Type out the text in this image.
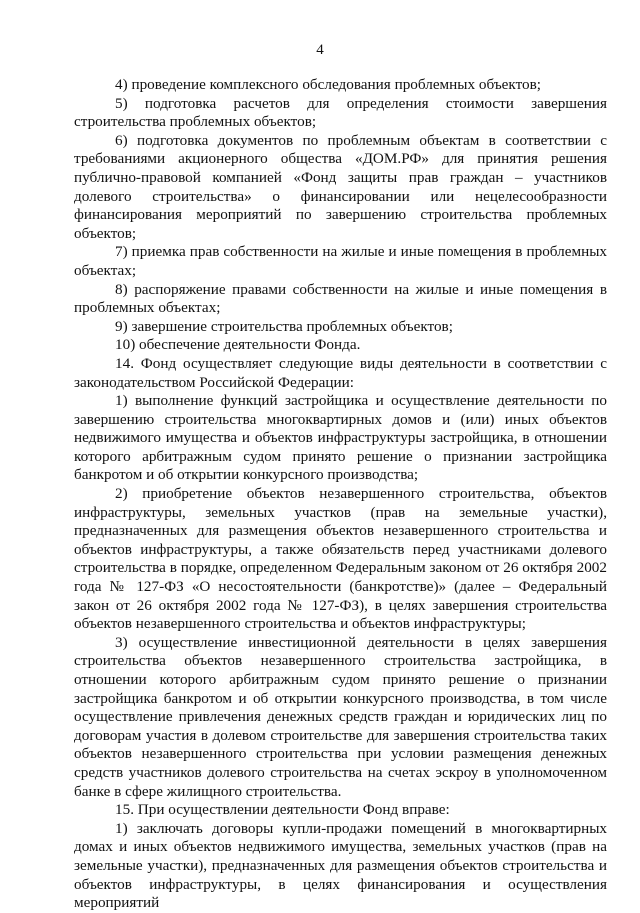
4

4) проведение комплексного обследования проблемных объектов;

5) подготовка расчетов для определения стоимости завершения строительства проблемных объектов;

6) подготовка документов по проблемным объектам в соответствии с требованиями акционерного общества «ДОМ.РФ» для принятия решения публично-правовой компанией «Фонд защиты прав граждан – участников долевого строительства» о финансировании или нецелесообразности финансирования мероприятий по завершению строительства проблемных объектов;

7) приемка прав собственности на жилые и иные помещения в проблемных объектах;

8) распоряжение правами собственности на жилые и иные помещения в проблемных объектах;

9) завершение строительства проблемных объектов;

10) обеспечение деятельности Фонда.

14. Фонд осуществляет следующие виды деятельности в соответствии с законодательством Российской Федерации:

1) выполнение функций застройщика и осуществление деятельности по завершению строительства многоквартирных домов и (или) иных объектов недвижимого имущества и объектов инфраструктуры застройщика, в отношении которого арбитражным судом принято решение о признании застройщика банкротом и об открытии конкурсного производства;

2) приобретение объектов незавершенного строительства, объектов инфраструктуры, земельных участков (прав на земельные участки), предназначенных для размещения объектов незавершенного строительства и объектов инфраструктуры, а также обязательств перед участниками долевого строительства в порядке, определенном Федеральным законом от 26 октября 2002 года № 127-ФЗ «О несостоятельности (банкротстве)» (далее – Федеральный закон от 26 октября 2002 года № 127-ФЗ), в целях завершения строительства объектов незавершенного строительства и объектов инфраструктуры;

3) осуществление инвестиционной деятельности в целях завершения строительства объектов незавершенного строительства застройщика, в отношении которого арбитражным судом принято решение о признании застройщика банкротом и об открытии конкурсного производства, в том числе осуществление привлечения денежных средств граждан и юридических лиц по договорам участия в долевом строительстве для завершения строительства таких объектов незавершенного строительства при условии размещения денежных средств участников долевого строительства на счетах эскроу в уполномоченном банке в сфере жилищного строительства.

15. При осуществлении деятельности Фонд вправе:

1) заключать договоры купли-продажи помещений в многоквартирных домах и иных объектов недвижимого имущества, земельных участков (прав на земельные участки), предназначенных для размещения объектов строительства и объектов инфраструктуры, в целях финансирования и осуществления мероприятий
